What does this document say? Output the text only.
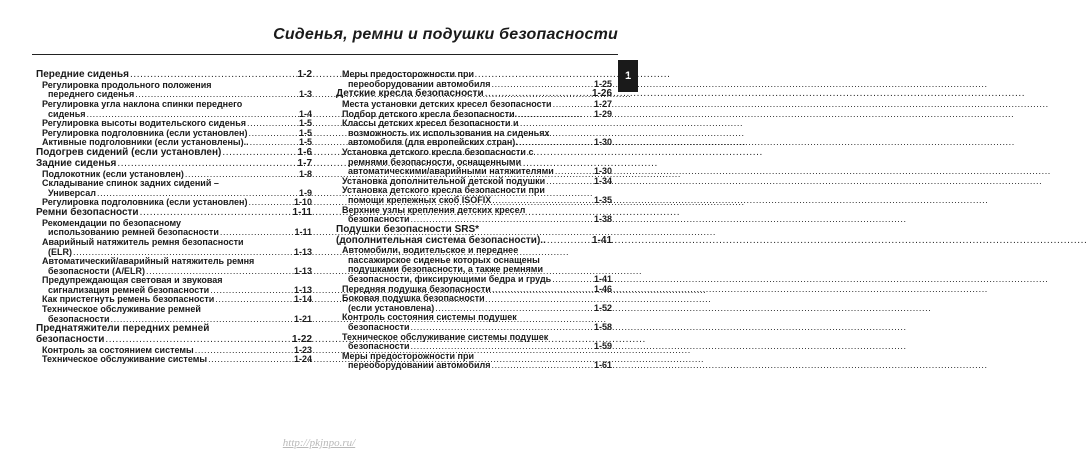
Сиденья, ремни и подушки безопасности
1
Передние сиденья .....	1-2
Регулировка продольного положения
переднего сиденья .....	1-3
Регулировка угла наклона спинки переднего
сиденья .....	1-4
Регулировка высоты водительского сиденья .....	1-5
Регулировка подголовника (если установлен) .....	1-5
Активные подголовники (если установлены).. .....	1-5
Подогрев сидений (если установлен) .....	1-6
Задние сиденья .....	1-7
Подлокотник (если установлен) .....	1-8
Складывание спинок задних сидений –
Универсал .....	1-9
Регулировка подголовника (если установлен) .....	1-10
Ремни безопасности .....	1-11
Рекомендации по безопасному
использованию ремней безопасности .....	1-11
Аварийный натяжитель ремня безопасности
(ELR) .....	1-13
Автоматический/аварийный натяжитель ремня
безопасности (A/ELR) .....	1-13
Предупреждающая световая и звуковая
сигнализация ремней безопасности .....	1-13
Как пристегнуть ремень безопасности .....	1-14
Техническое обслуживание ремней
безопасности .....	1-21
Преднатяжители передних ремней
безопасности .....	1-22
Контроль за состоянием системы .....	1-23
Техническое обслуживание системы .....	1-24
Меры предосторожности при
переоборудовании автомобиля .....	1-25
Детские кресла безопасности .....	1-26
Места установки детских кресел безопасности .....	1-27
Подбор детского кресла безопасности. .....	1-29
Классы детских кресел безопасности и
возможность их использования на сиденьях
автомобиля (для европейских стран). .....	1-30
Установка детского кресла безопасности с
ремнями безопасности, оснащенными
автоматическими/аварийными натяжителями .....	1-30
Установка дополнительной детской подушки .....	1-34
Установка детского кресла безопасности при
помощи крепежных скоб ISOFIX .....	1-35
Верхние узлы крепления детских кресел
безопасности .....	1-38
Подушки безопасности SRS*
(дополнительная система безопасности).. .....	1-41
Автомобили, водительское и переднее
пассажирское сиденье которых оснащены
подушками безопасности, а также ремнями
безопасности, фиксирующими бедра и грудь .....	1-41
Передняя подушка безопасности .....	1-46
Боковая подушка безопасности
(если установлена) .....	1-52
Контроль состояния системы подушек
безопасности .....	1-58
Техническое обслуживание системы подушек
безопасности .....	1-59
Меры предосторожности при
переоборудовании автомобиля .....	1-61
http://pkjnpo.ru/
